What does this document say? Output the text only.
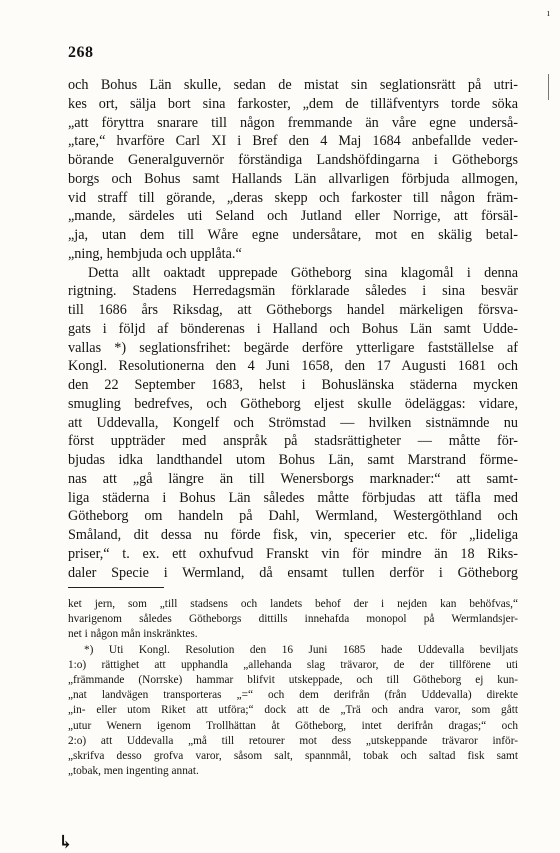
ı
268
och Bohus Län skulle, sedan de mistat sin seglationsrätt på utri-
kes ort, sälja bort sina farkoster, „dem de tilläfventyrs torde söka
„att föryttra snarare till någon fremmande än våre egne underså-
„tare,“ hvarföre Carl XI i Bref den 4 Maj 1684 anbefallde veder-
börande Generalguvernör förständiga Landshöfdingarna i Götheborgs
borgs och Bohus samt Hallands Län allvarligen förbjuda allmogen,
vid straff till görande, „deras skepp och farkoster till någon främ-
„mande, särdeles uti Seland och Jutland eller Norrige, att försäl-
„ja, utan dem till Wåre egne undersåtare, mot en skälig betal-
„ning, hembjuda och upplåta.“
Detta allt oaktadt upprepade Götheborg sina klagomål i denna
rigtning. Stadens Herredagsmän förklarade således i sina besvär
till 1686 års Riksdag, att Götheborgs handel märkeligen försva-
gats i följd af bönderenas i Halland och Bohus Län samt Udde-
vallas *) seglationsfrihet: begärde derföre ytterligare fastställelse af
Kongl. Resolutionerna den 4 Juni 1658, den 17 Augusti 1681 och
den 22 September 1683, helst i Bohuslänska städerna mycken
smugling bedrefves, och Götheborg eljest skulle ödeläggas: vidare,
att Uddevalla, Kongelf och Strömstad — hvilken sistnämnde nu
först uppträder med anspråk på stadsrättigheter — måtte för-
bjudas idka landthandel utom Bohus Län, samt Marstrand förme-
nas att „gå längre än till Wenersborgs marknader:“ att samt-
liga städerna i Bohus Län således måtte förbjudas att täfla med
Götheborg om handeln på Dahl, Wermland, Westergöthland och
Småland, dit dessa nu förde fisk, vin, specerier etc. för „lideliga
priser,“ t. ex. ett oxhufvud Franskt vin för mindre än 18 Riks-
daler Specie i Wermland, då ensamt tullen derför i Götheborg
ket jern, som „till stadsens och landets behof der i nejden kan behöfvas,“
hvarigenom således Götheborgs dittills innehafda monopol på Wermlandsjer-
net i någon mån inskränktes.
*) Uti Kongl. Resolution den 16 Juni 1685 hade Uddevalla beviljats
1:o) rättighet att upphandla „allehanda slag trävaror, de der tillförene uti
„främmande (Norrske) hammar blifvit utskeppade, och till Götheborg ej kun-
„nat landvägen transporteras „=“ och dem derifrån (från Uddevalla) direkte
„in- eller utom Riket att utföra;“ dock att de „Trä och andra varor, som gått
„utur Wenern igenom Trollhättan åt Götheborg, intet derifrån dragas;“ och
2:o) att Uddevalla „må till retourer mot dess „utskeppande trävaror inför-
„skrifva desso grofva varor, såsom salt, spannmål, tobak och saltad fisk samt
„tobak, men ingenting annat.
↳
